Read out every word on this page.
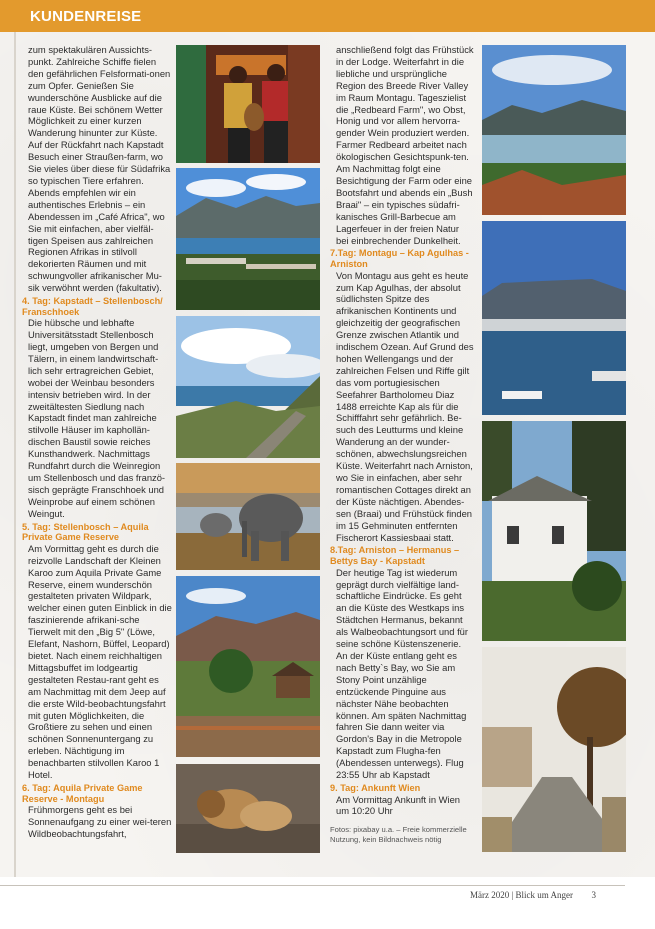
KUNDENREISE

zum spektakulären Aussichts-punkt. Zahlreiche Schiffe fielen den gefährlichen Felsformati-onen zum Opfer. Genießen Sie wunderschöne Ausblicke auf die raue Küste. Bei schönem Wetter Möglichkeit zu einer kurzen Wanderung hinunter zur Küste. Auf der Rückfahrt nach Kapstadt Besuch einer Straußen-farm, wo Sie vieles über diese für Südafrika so typischen Tiere erfahren. Abends empfehlen wir ein authentisches Erlebnis – ein Abendessen im „Café Africa", wo Sie mit einfachen, aber vielfäl-tigen Speisen aus zahlreichen Regionen Afrikas in stilvoll dekorierten Räumen und mit schwungvoller afrikanischer Mu-sik verwöhnt werden (fakultativ).

4. Tag: Kapstadt – Stellenbosch/ Franschhoek

Die hübsche und lebhafte Universitätsstadt Stellenbosch liegt, umgeben von Bergen und Tälern, in einem landwirtschaft-lich sehr ertragreichen Gebiet, wobei der Weinbau besonders intensiv betrieben wird. In der zweitältesten Siedlung nach Kapstadt findet man zahlreiche stilvolle Häuser im kaphollän-dischen Baustil sowie reiches Kunsthandwerk. Nachmittags Rundfahrt durch die Weinregion um Stellenbosch und das franzö-sisch geprägte Franschhoek und Weinprobe auf einem schönen Weingut.

5. Tag: Stellenbosch – Aquila Private Game Reserve

Am Vormittag geht es durch die reizvolle Landschaft der Kleinen Karoo zum Aquila Private Game Reserve, einem wunderschön gestalteten privaten Wildpark, welcher einen guten Einblick in die faszinierende afrikani-sche Tierwelt mit den „Big 5" (Löwe, Elefant, Nashorn, Büffel, Leopard) bietet. Nach einem reichhaltigen Mittagsbuffet im lodgeartig gestalteten Restau-rant geht es am Nachmittag mit dem Jeep auf die erste Wild-beobachtungsfahrt mit guten Möglichkeiten, die Großtiere zu sehen und einen schönen Sonnenuntergang zu erleben. Nächtigung im benachbarten stilvollen Karoo 1 Hotel.

6. Tag: Aquila Private Game Reserve - Montagu

Frühmorgens geht es bei Sonnenaufgang zu einer wei-teren Wildbeobachtungsfahrt,

anschließend folgt das Frühstück in der Lodge. Weiterfahrt in die liebliche und ursprüngliche Region des Breede River Valley im Raum Montagu. Tageszielist die „Redbeard Farm", wo Obst, Honig und vor allem hervorra-gender Wein produziert werden. Farmer Redbeard arbeitet nach ökologischen Gesichtspunk-ten. Am Nachmittag folgt eine Besichtigung der Farm oder eine Bootsfahrt und abends ein „Bush Braai" – ein typisches südafri-kanisches Grill-Barbecue am Lagerfeuer in der freien Natur bei einbrechender Dunkelheit.

7.Tag: Montagu – Kap Agulhas - Arniston

Von Montagu aus geht es heute zum Kap Agulhas, der absolut südlichsten Spitze des afrikanischen Kontinents und gleichzeitig der geografischen Grenze zwischen Atlantik und indischem Ozean. Auf Grund des hohen Wellengangs und der zahlreichen Felsen und Riffe gilt das vom portugiesischen Seefahrer Bartholomeu Diaz 1488 erreichte Kap als für die Schifffahrt sehr gefährlich. Be-such des Leutturms und kleine Wanderung an der wunder-schönen, abwechslungsreichen Küste. Weiterfahrt nach Arniston, wo Sie in einfachen, aber sehr romantischen Cottages direkt an der Küste nächtigen. Abendes-sen (Braai) und Frühstück finden im 15 Gehminuten entfernten Fischerort Kassiesbaai statt.

8.Tag: Arniston – Hermanus – Bettys Bay - Kapstadt

Der heutige Tag ist wiederum geprägt durch vielfältige land-schaftliche Eindrücke. Es geht an die Küste des Westkaps ins Städtchen Hermanus, bekannt als Walbeobachtungsort und für seine schöne Küstenszenerie. An der Küste entlang geht es nach Betty`s Bay, wo Sie am Stony Point unzählige entzückende Pinguine aus nächster Nähe beobachten können. Am späten Nachmittag fahren Sie dann weiter via Gordon's Bay in die Metropole Kapstadt zum Flugha-fen (Abendessen unterwegs). Flug 23:55 Uhr ab Kapstadt

9. Tag: Ankunft Wien

Am Vormittag Ankunft in Wien um 10:20 Uhr

Fotos: pixabay u.a. – Freie kommerzielle Nutzung, kein Bildnachweis nötig

März 2020 | Blick um Anger 3
